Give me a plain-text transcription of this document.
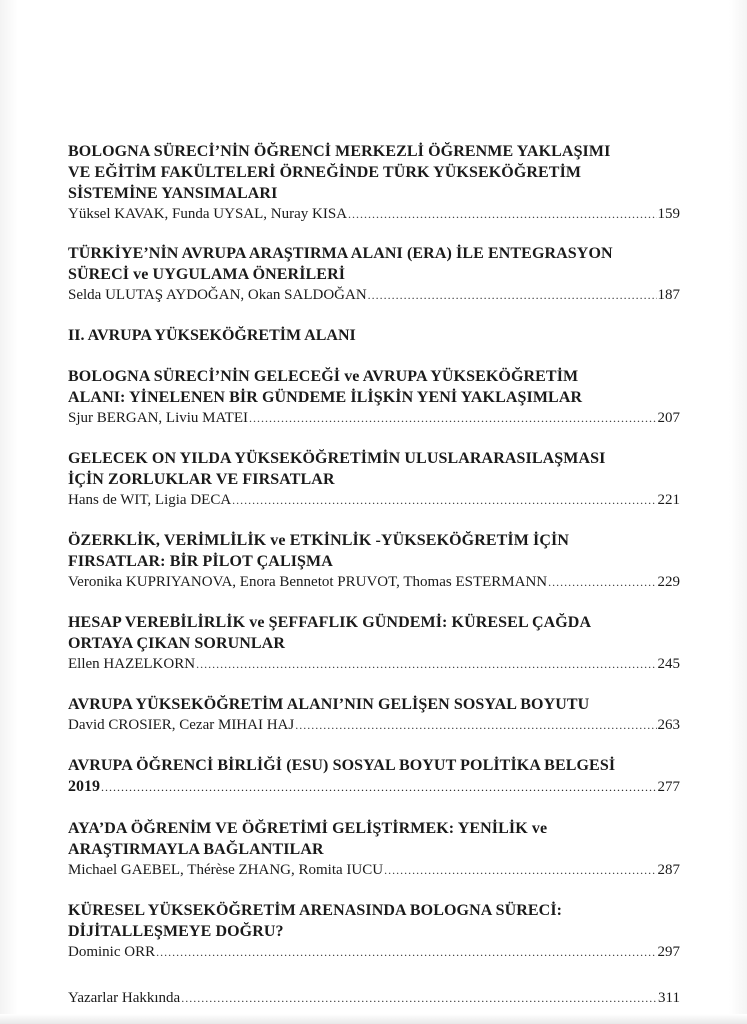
BOLOGNA SÜRECİ’NİN ÖĞRENCİ MERKEZLİ ÖĞRENME YAKLAŞIMI
VE EĞİTİM FAKÜLTELERİ ÖRNEĞİNDE TÜRK YÜKSEKÖĞRETİM
SİSTEMİNE YANSIMALARI
Yüksel KAVAK, Funda UYSAL, Nuray KISA .....	159
TÜRKİYE’NİN AVRUPA ARAŞTIRMA ALANI (ERA) İLE ENTEGRASYON
SÜRECİ ve UYGULAMA ÖNERİLERİ
Selda ULUTAŞ AYDOĞAN, Okan SALDOĞAN .....	187
II. AVRUPA YÜKSEKÖĞRETİM ALANI
BOLOGNA SÜRECİ’NİN GELECEĞİ ve AVRUPA YÜKSEKÖĞRETİM
ALANI: YİNELENEN BİR GÜNDEME İLİŞKİN YENİ YAKLAŞIMLAR
Sjur BERGAN, Liviu MATEI .....	207
GELECEK ON YILDA YÜKSEKÖĞRETİMİN ULUSLARARASILAŞMASI
İÇİN ZORLUKLAR VE FIRSATLAR
Hans de WIT, Ligia DECA .....	221
ÖZERKLİK, VERİMLİLİK ve ETKİNLİK -YÜKSEKÖĞRETİM İÇİN
FIRSATLAR: BİR PİLOT ÇALIŞMA
Veronika KUPRIYANOVA, Enora Bennetot PRUVOT, Thomas ESTERMANN .....	229
HESAP VEREBİLİRLİK ve ŞEFFAFLIK GÜNDEMİ: KÜRESEL ÇAĞDA
ORTAYA ÇIKAN SORUNLAR
Ellen HAZELKORN .....	245
AVRUPA YÜKSEKÖĞRETİM ALANI’NIN GELİŞEN SOSYAL BOYUTU
David CROSIER, Cezar MIHAI HAJ .....	263
AVRUPA ÖĞRENCİ BİRLİĞİ (ESU) SOSYAL BOYUT POLİTİKA BELGESİ
2019 .....	277
AYA’DA ÖĞRENİM VE ÖĞRETİMİ GELİŞTİRMEK: YENİLİK ve
ARAŞTIRMAYLA BAĞLANTILAR
Michael GAEBEL, Thérèse ZHANG, Romita IUCU .....	287
KÜRESEL YÜKSEKÖĞRETİM ARENASINDA BOLOGNA SÜRECİ:
DİJİTALLEŞMEYE DOĞRU?
Dominic ORR .....	297
Yazarlar Hakkında .....	311
